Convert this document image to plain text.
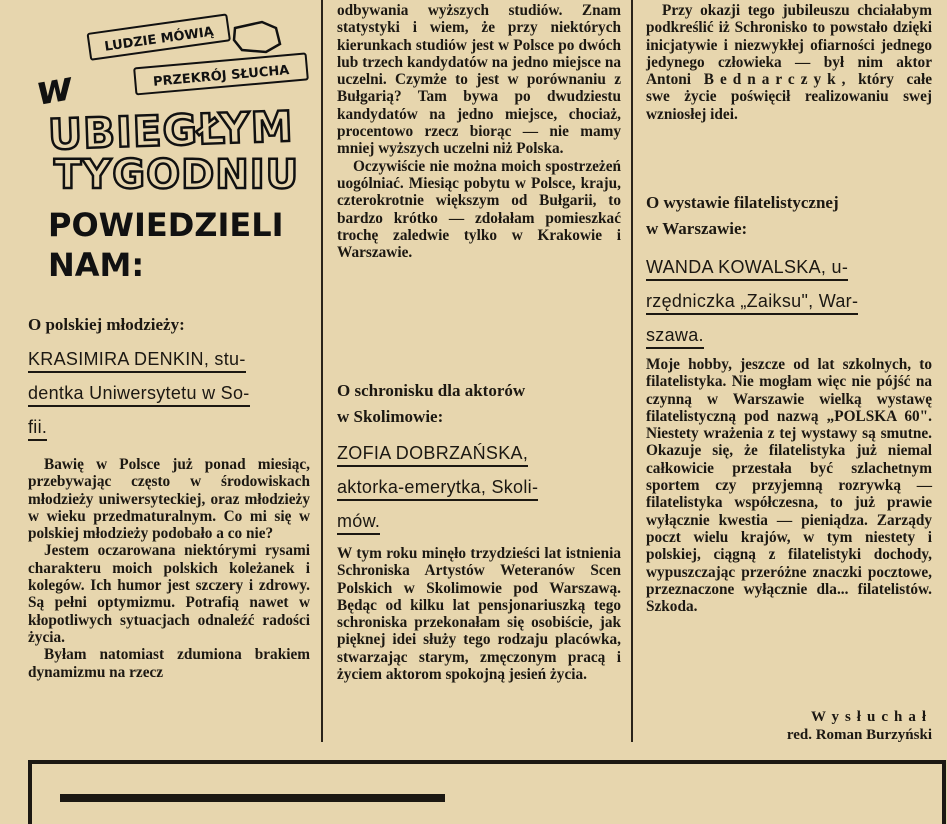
LUDZIE MÓWIĄ
PRZEKRÓJ SŁUCHA
w
UBIEGŁYM
TYGODNIU
POWIEDZIELI
NAM:

O polskiej młodzieży:

KRASIMIRA DENKIN, stu-

dentka Uniwersytetu w So-

fii.

Bawię w Polsce już ponad miesiąc, przebywając często w środowiskach młodzieży uniwersyteckiej, oraz młodzieży w wieku przedmaturalnym. Co mi się w polskiej młodzieży podobało a co nie?

Jestem oczarowana niektórymi rysami charakteru moich polskich koleżanek i kolegów. Ich humor jest szczery i zdrowy. Są pełni optymizmu. Potrafią nawet w kłopotliwych sytuacjach odnaleźć radości życia.

Byłam natomiast zdumiona brakiem dynamizmu na rzecz

odbywania wyższych studiów. Znam statystyki i wiem, że przy niektórych kierunkach studiów jest w Polsce po dwóch lub trzech kandydatów na jedno miejsce na uczelni. Czymże to jest w porównaniu z Bułgarią? Tam bywa po dwudziestu kandydatów na jedno miejsce, chociaż, procentowo rzecz biorąc — nie mamy mniej wyższych uczelni niż Polska.

Oczywiście nie można moich spostrzeżeń uogólniać. Miesiąc pobytu w Polsce, kraju, czterokrotnie większym od Bułgarii, to bardzo krótko — zdołałam pomieszkać trochę zaledwie tylko w Krakowie i Warszawie.

O schronisku dla aktorów

w Skolimowie:

ZOFIA DOBRZAŃSKA,

aktorka-emerytka, Skoli-

mów.

W tym roku minęło trzydzieści lat istnienia Schroniska Artystów Weteranów Scen Polskich w Skolimowie pod Warszawą. Będąc od kilku lat pensjonariuszką tego schroniska przekonałam się osobiście, jak pięknej idei służy tego rodzaju placówka, stwarzając starym, zmęczonym pracą i życiem aktorom spokojną jesień życia.

Przy okazji tego jubileuszu chciałabym podkreślić iż Schronisko to powstało dzięki inicjatywie i niezwykłej ofiarności jednego jedynego człowieka — był nim aktor Antoni Bednarczyk, który całe swe życie poświęcił realizowaniu swej wzniosłej idei.

O wystawie filatelistycznej

w Warszawie:

WANDA KOWALSKA, u-

rzędniczka „Zaiksu", War-

szawa.

Moje hobby, jeszcze od lat szkolnych, to filatelistyka. Nie mogłam więc nie pójść na czynną w Warszawie wielką wystawę filatelistyczną pod nazwą „POLSKA 60". Niestety wrażenia z tej wystawy są smutne. Okazuje się, że filatelistyka już niemal całkowicie przestała być szlachetnym sportem czy przyjemną rozrywką — filatelistyka współczesna, to już prawie wyłącznie kwestia — pieniądza. Zarządy poczt wielu krajów, w tym niestety i polskiej, ciągną z filatelistyki dochody, wypuszczając przeróżne znaczki pocztowe, przeznaczone wyłącznie dla... filatelistów. Szkoda.

Wysłuchał

red. Roman Burzyński
